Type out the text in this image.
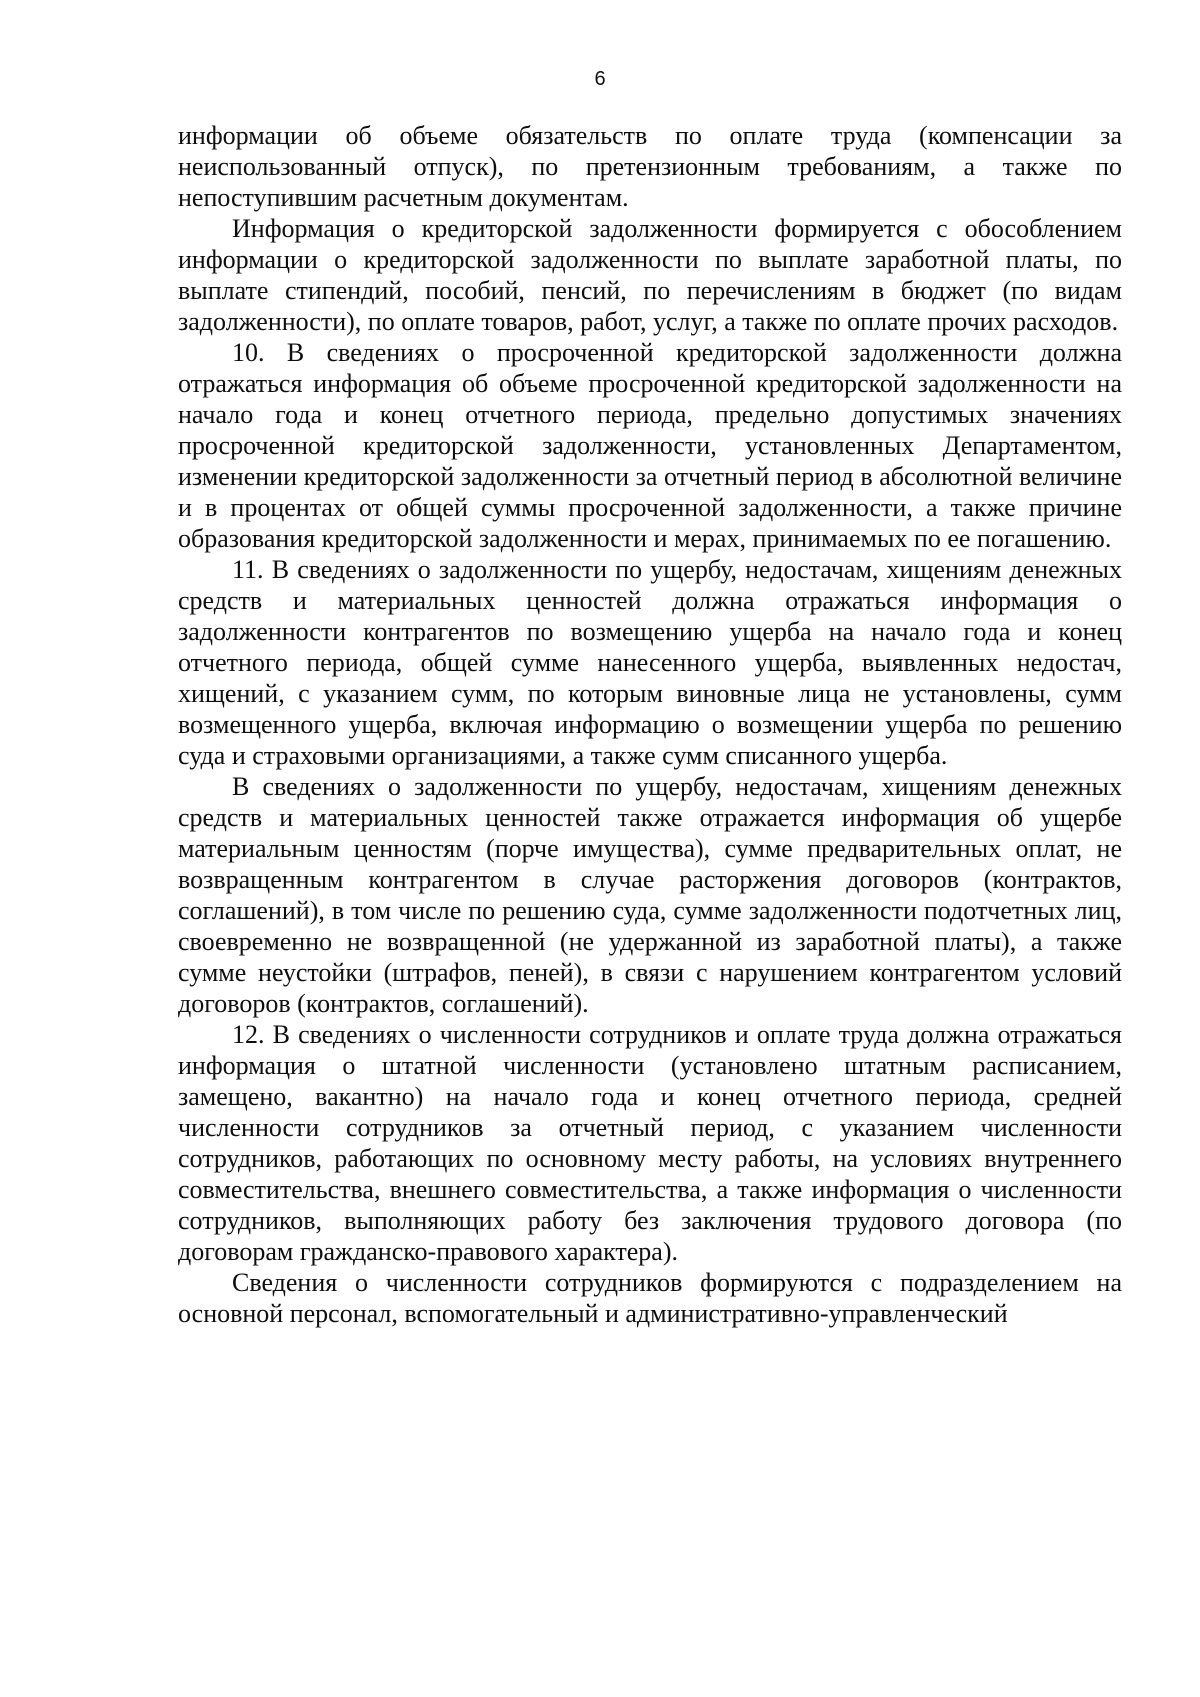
6

информации об объеме обязательств по оплате труда (компенсации за неиспользованный отпуск), по претензионным требованиям, а также по непоступившим расчетным документам.

Информация о кредиторской задолженности формируется с обособлением информации о кредиторской задолженности по выплате заработной платы, по выплате стипендий, пособий, пенсий, по перечислениям в бюджет (по видам задолженности), по оплате товаров, работ, услуг, а также по оплате прочих расходов.

10. В сведениях о просроченной кредиторской задолженности должна отражаться информация об объеме просроченной кредиторской задолженности на начало года и конец отчетного периода, предельно допустимых значениях просроченной кредиторской задолженности, установленных Департаментом, изменении кредиторской задолженности за отчетный период в абсолютной величине и в процентах от общей суммы просроченной задолженности, а также причине образования кредиторской задолженности и мерах, принимаемых по ее погашению.

11. В сведениях о задолженности по ущербу, недостачам, хищениям денежных средств и материальных ценностей должна отражаться информация о задолженности контрагентов по возмещению ущерба на начало года и конец отчетного периода, общей сумме нанесенного ущерба, выявленных недостач, хищений, с указанием сумм, по которым виновные лица не установлены, сумм возмещенного ущерба, включая информацию о возмещении ущерба по решению суда и страховыми организациями, а также сумм списанного ущерба.

В сведениях о задолженности по ущербу, недостачам, хищениям денежных средств и материальных ценностей также отражается информация об ущербе материальным ценностям (порче имущества), сумме предварительных оплат, не возвращенным контрагентом в случае расторжения договоров (контрактов, соглашений), в том числе по решению суда, сумме задолженности подотчетных лиц, своевременно не возвращенной (не удержанной из заработной платы), а также сумме неустойки (штрафов, пеней), в связи с нарушением контрагентом условий договоров (контрактов, соглашений).

12. В сведениях о численности сотрудников и оплате труда должна отражаться информация о штатной численности (установлено штатным расписанием, замещено, вакантно) на начало года и конец отчетного периода, средней численности сотрудников за отчетный период, с указанием численности сотрудников, работающих по основному месту работы, на условиях внутреннего совместительства, внешнего совместительства, а также информация о численности сотрудников, выполняющих работу без заключения трудового договора (по договорам гражданско-правового характера).

Сведения о численности сотрудников формируются с подразделением на основной персонал, вспомогательный и административно-управленческий
